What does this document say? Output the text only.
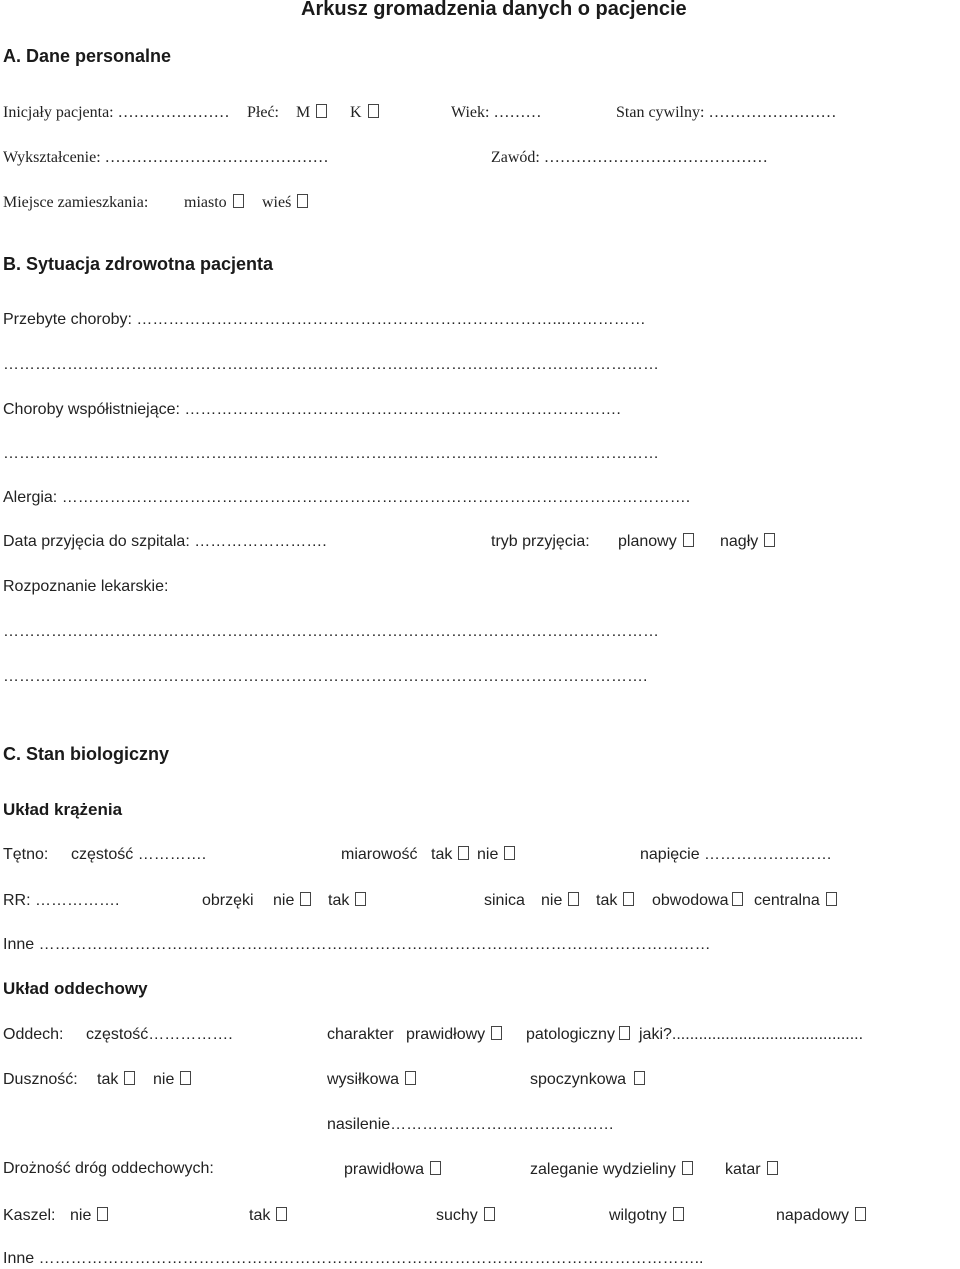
Arkusz gromadzenia danych o pacjencie
A. Dane personalne
Inicjały pacjenta: ………………… Płeć: M	K	Wiek: ………	Stan cywilny: ……………………
Wykształcenie: ……………………………………	Zawód: ……………………………………
Miejsce zamieszkania: miasto	wieś
B. Sytuacja zdrowotna pacjenta
Przebyte choroby: ……………………………………………………………………...……………
……………………………………………………………………………………………………………
Choroby współistniejące: ……………………………………………………………………….
……………………………………………………………………………………………………………
Alergia: ……………………………………………………………………………………………………….
Data przyjęcia do szpitala: …………………….	tryb przyjęcia: planowy	nagły
Rozpoznanie lekarskie:
……………………………………………………………………………………………………………
………………………………………………………………………………………………………….
C. Stan biologiczny
Układ krążenia
Tętno: częstość ………….	miarowość tak	nie	napięcie ……………………
RR: …………….	obrzęki nie	tak	sinica nie	tak	obwodowa	centralna
Inne ………………………………………………………………………………………………………………
Układ oddechowy
Oddech: częstość…………….	charakter prawidłowy	patologiczny	jaki?...........................................
Duszność: tak	nie	wysiłkowa	spoczynkowa
nasilenie……………………………………
Drożność dróg oddechowych:	prawidłowa	zaleganie wydzieliny	katar
Kaszel: nie	tak	suchy	wilgotny	napadowy
Inne ……………………………………………………………………………………………………………..
